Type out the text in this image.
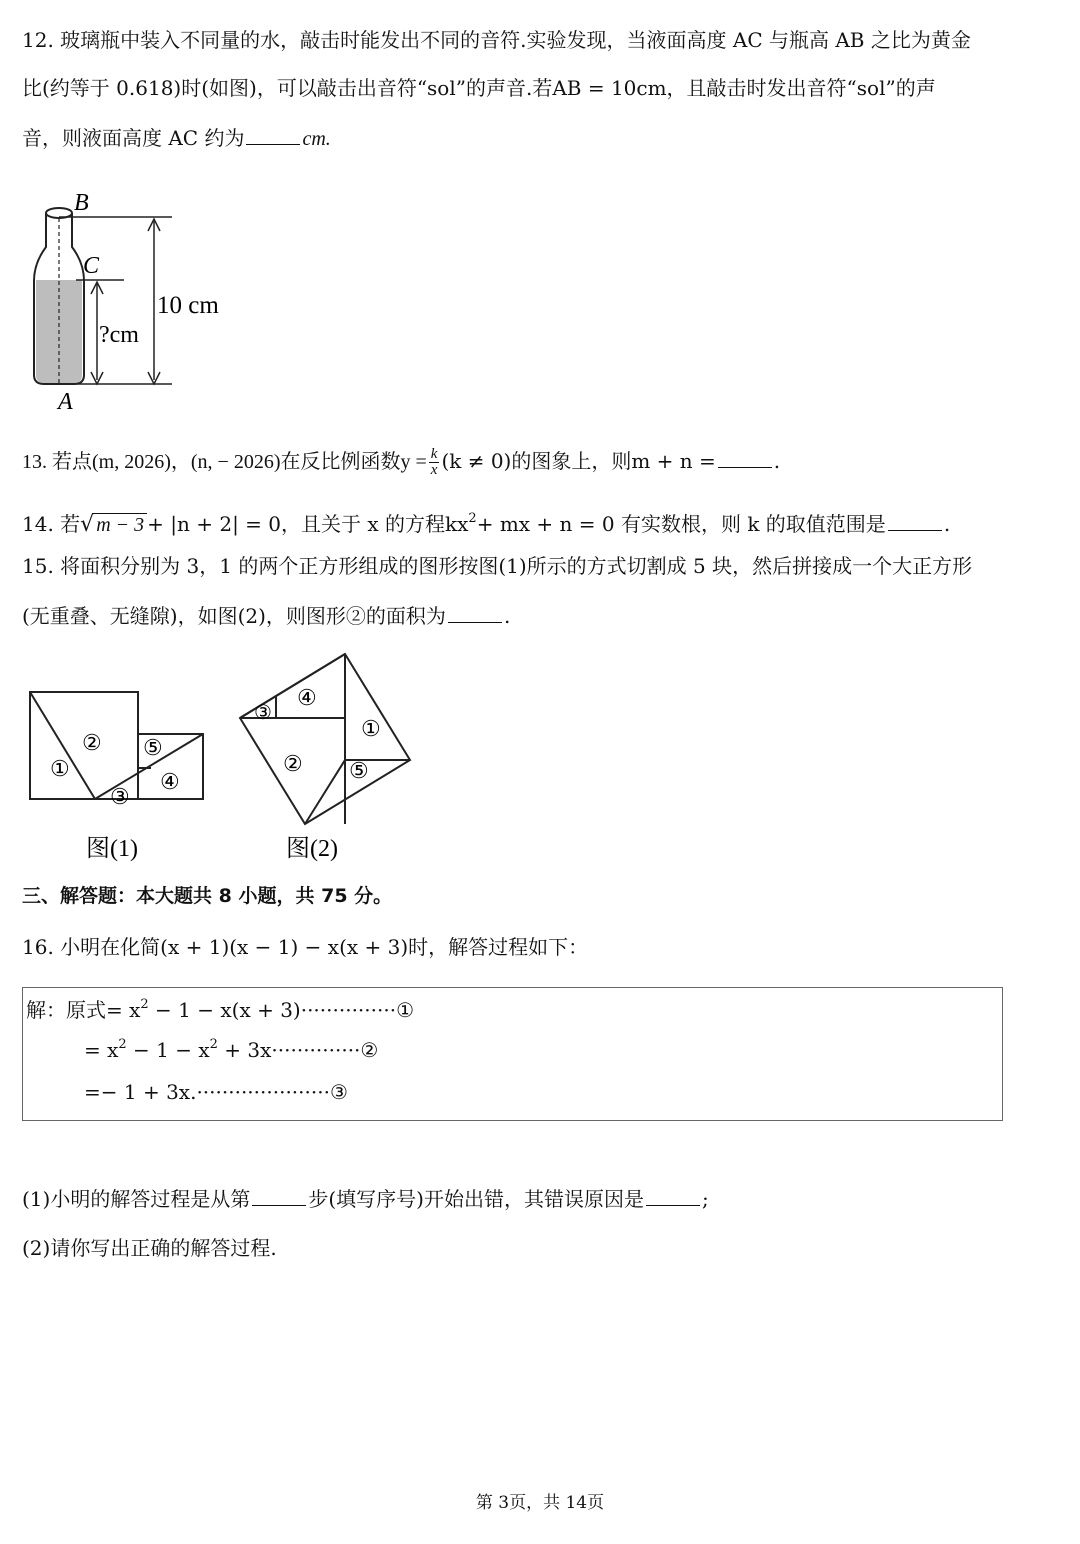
12. 玻璃瓶中装入不同量的水，敲击时能发出不同的音符.实验发现，当液面高度 AC 与瓶高 AB 之比为黄金
比(约等于 0.618)时(如图)，可以敲击出音符“sol”的声音.若AB = 10cm，且敲击时发出音符“sol”的声
音，则液面高度 AC 约为	cm.
B
C
A
10 cm
?cm
13. 若点(m, 2026)，(n, − 2026)在反比例函数$y = \frac{k}{x} (k \ne 0)$的图象上，则m + n =	.
14. 若√ m − 3 + |n + 2| = 0，且关于 x 的方程$kx^2+$ mx + n = 0 有实数根，则 k 的取值范围是	.
15. 将面积分别为 3，1 的两个正方形组成的图形按图(1)所示的方式切割成 5 块，然后拼接成一个大正方形
(无重叠、无缝隙)，如图(2)，则图形②的面积为	.
①
②
③
④
⑤
图(1)
③
④
①
② ⑤
图(2)
三、解答题：本大题共 8 小题，共 75 分。
16. 小明在化简(x + 1)(x − 1) − x(x + 3)时，解答过程如下：
解：原式= $x^2 - 1 - x(x$ + 3)···············①
= $x^2 - 1 - x^2$ + 3x··············②
=− 1 + 3x.·····················③
(1)小明的解答过程是从第	步(填写序号)开始出错，其错误原因是	;
(2)请你写出正确的解答过程.
第 3页，共 14页
